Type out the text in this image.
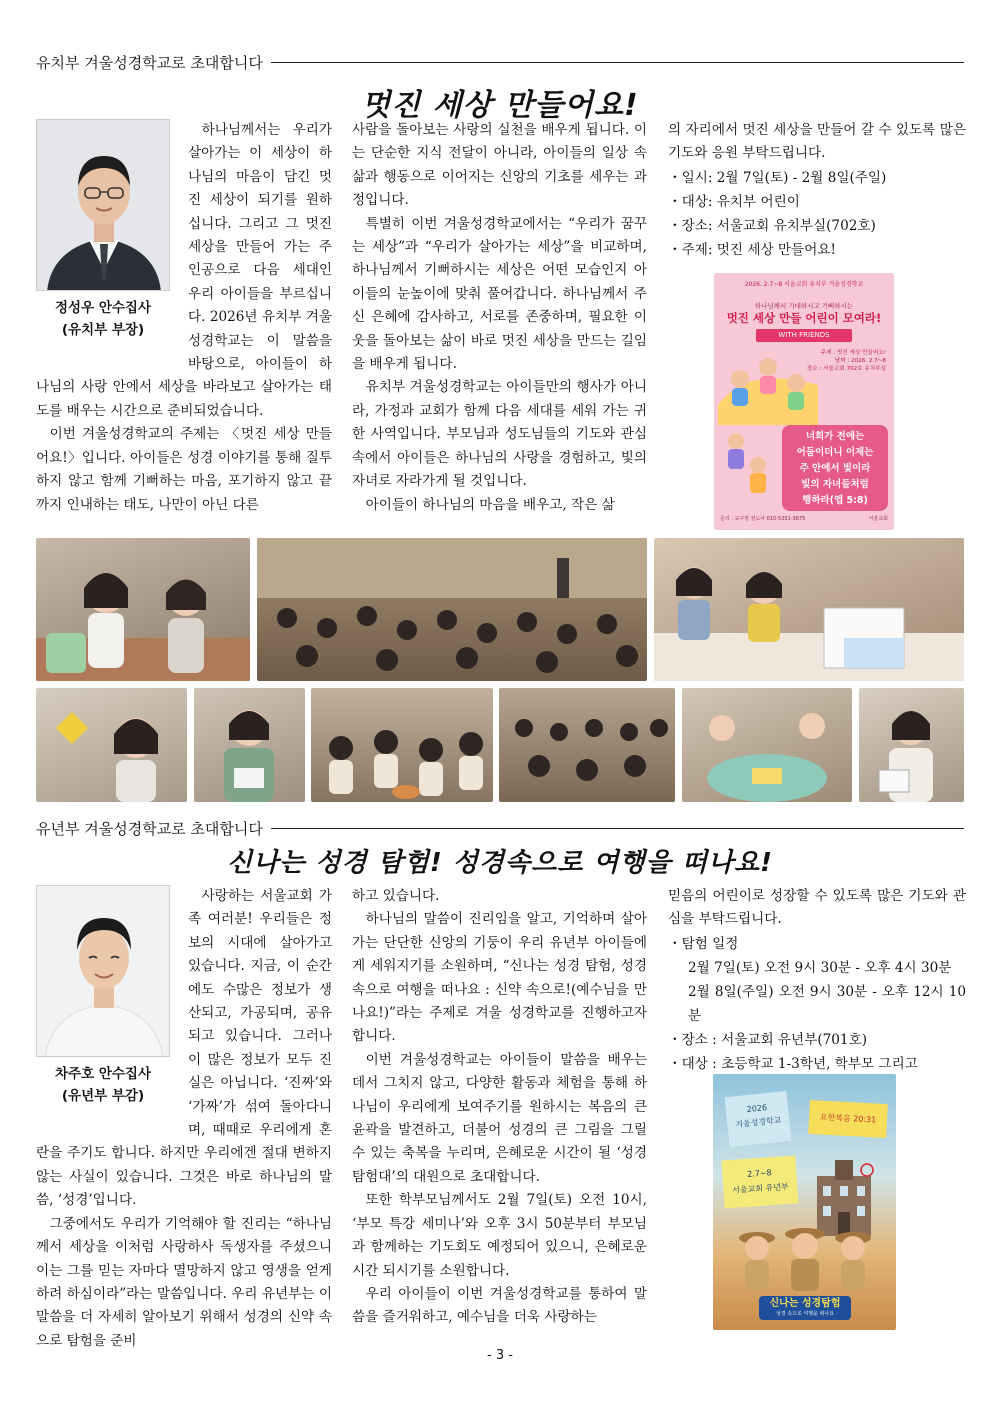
유치부 겨울성경학교로 초대합니다
멋진 세상 만들어요!
정성우 안수집사
(유치부 부장)

하나님께서는 우리가 살아가는 이 세상이 하나님의 마음이 담긴 멋진 세상이 되기를 원하십니다. 그리고 그 멋진 세상을 만들어 가는 주인공으로 다음 세대인 우리 아이들을 부르십니다. 2026년 유치부 겨울성경학교는 이 말씀을 바탕으로, 아이들이 하나님의 사랑 안에서 세상을 바라보고 살아가는 태도를 배우는 시간으로 준비되었습니다.

이번 겨울성경학교의 주제는 〈멋진 세상 만들어요!〉입니다. 아이들은 성경 이야기를 통해 질투하지 않고 함께 기뻐하는 마음, 포기하지 않고 끝까지 인내하는 태도, 나만이 아닌 다른

사람을 돌아보는 사랑의 실천을 배우게 됩니다. 이는 단순한 지식 전달이 아니라, 아이들의 일상 속 삶과 행동으로 이어지는 신앙의 기초를 세우는 과정입니다.

특별히 이번 겨울성경학교에서는 “우리가 꿈꾸는 세상”과 “우리가 살아가는 세상”을 비교하며, 하나님께서 기뻐하시는 세상은 어떤 모습인지 아이들의 눈높이에 맞춰 풀어갑니다. 하나님께서 주신 은혜에 감사하고, 서로를 존중하며, 필요한 이웃을 돌아보는 삶이 바로 멋진 세상을 만드는 길임을 배우게 됩니다.

유치부 겨울성경학교는 아이들만의 행사가 아니라, 가정과 교회가 함께 다음 세대를 세워 가는 귀한 사역입니다. 부모님과 성도님들의 기도와 관심 속에서 아이들은 하나님의 사랑을 경험하고, 빛의 자녀로 자라가게 될 것입니다.

아이들이 하나님의 마음을 배우고, 작은 삶

의 자리에서 멋진 세상을 만들어 갈 수 있도록 많은 기도와 응원 부탁드립니다.

・일시: 2월 7일(토) - 2월 8일(주일)
・대상: 유치부 어린이
・장소: 서울교회 유치부실(702호)
・주제: 멋진 세상 만들어요!
2026. 2.7~8 서울교회 유치부 겨울성경학교
하나님께서 기대하시고 기뻐하시는
멋진 세상 만들 어린이 모여라!
WITH FRIENDS
주제 : 멋진 세상 만들어요!
날짜 : 2026. 2.7~8
장소 : 서울교회 702호 유치부실
너희가 전에는
어둠이더니 이제는
주 안에서 빛이라
빛의 자녀들처럼
행하라(엡 5:8)
문의 : 교구장 전도사 010-5251-3675	서울교회
유년부 겨울성경학교로 초대합니다
신나는 성경 탐험! 성경속으로 여행을 떠나요!
차주호 안수집사
(유년부 부감)

사랑하는 서울교회 가족 여러분! 우리들은 정보의 시대에 살아가고 있습니다. 지금, 이 순간에도 수많은 정보가 생산되고, 가공되며, 공유되고 있습니다. 그러나 이 많은 정보가 모두 진실은 아닙니다. ‘진짜’와 ‘가짜’가 섞여 돌아다니며, 때때로 우리에게 혼란을 주기도 합니다. 하지만 우리에겐 절대 변하지 않는 사실이 있습니다. 그것은 바로 하나님의 말씀, ‘성경’입니다.

그중에서도 우리가 기억해야 할 진리는 “하나님께서 세상을 이처럼 사랑하사 독생자를 주셨으니 이는 그를 믿는 자마다 멸망하지 않고 영생을 얻게 하려 하심이라”라는 말씀입니다. 우리 유년부는 이 말씀을 더 자세히 알아보기 위해서 성경의 신약 속으로 탐험을 준비

하고 있습니다.

하나님의 말씀이 진리임을 알고, 기억하며 살아가는 단단한 신앙의 기둥이 우리 유년부 아이들에게 세워지기를 소원하며, “신나는 성경 탐험, 성경 속으로 여행을 떠나요 : 신약 속으로!(예수님을 만나요!)”라는 주제로 겨울 성경학교를 진행하고자 합니다.

이번 겨울성경학교는 아이들이 말씀을 배우는 데서 그치지 않고, 다양한 활동과 체험을 통해 하나님이 우리에게 보여주기를 원하시는 복음의 큰 윤곽을 발견하고, 더불어 성경의 큰 그림을 그릴 수 있는 축복을 누리며, 은혜로운 시간이 될 ‘성경 탐험대’의 대원으로 초대합니다.

또한 학부모님께서도 2월 7일(토) 오전 10시, ‘부모 특강 세미나’와 오후 3시 50분부터 부모님과 함께하는 기도회도 예정되어 있으니, 은혜로운 시간 되시기를 소원합니다.

우리 아이들이 이번 겨울성경학교를 통하여 말씀을 즐거워하고, 예수님을 더욱 사랑하는

믿음의 어린이로 성장할 수 있도록 많은 기도와 관심을 부탁드립니다.

・탐험 일정
2월 7일(토) 오전 9시 30분 - 오후 4시 30분
2월 8일(주일) 오전 9시 30분 - 오후 12시 10분
・장소 : 서울교회 유년부(701호)
・대상 : 초등학교 1-3학년, 학부모 그리고
2026
겨울성경학교	요한복음 20:31
2.7~8
서울교회 유년부
신나는 성경탐험
성경 속으로 여행을 떠나요
- 3 -
